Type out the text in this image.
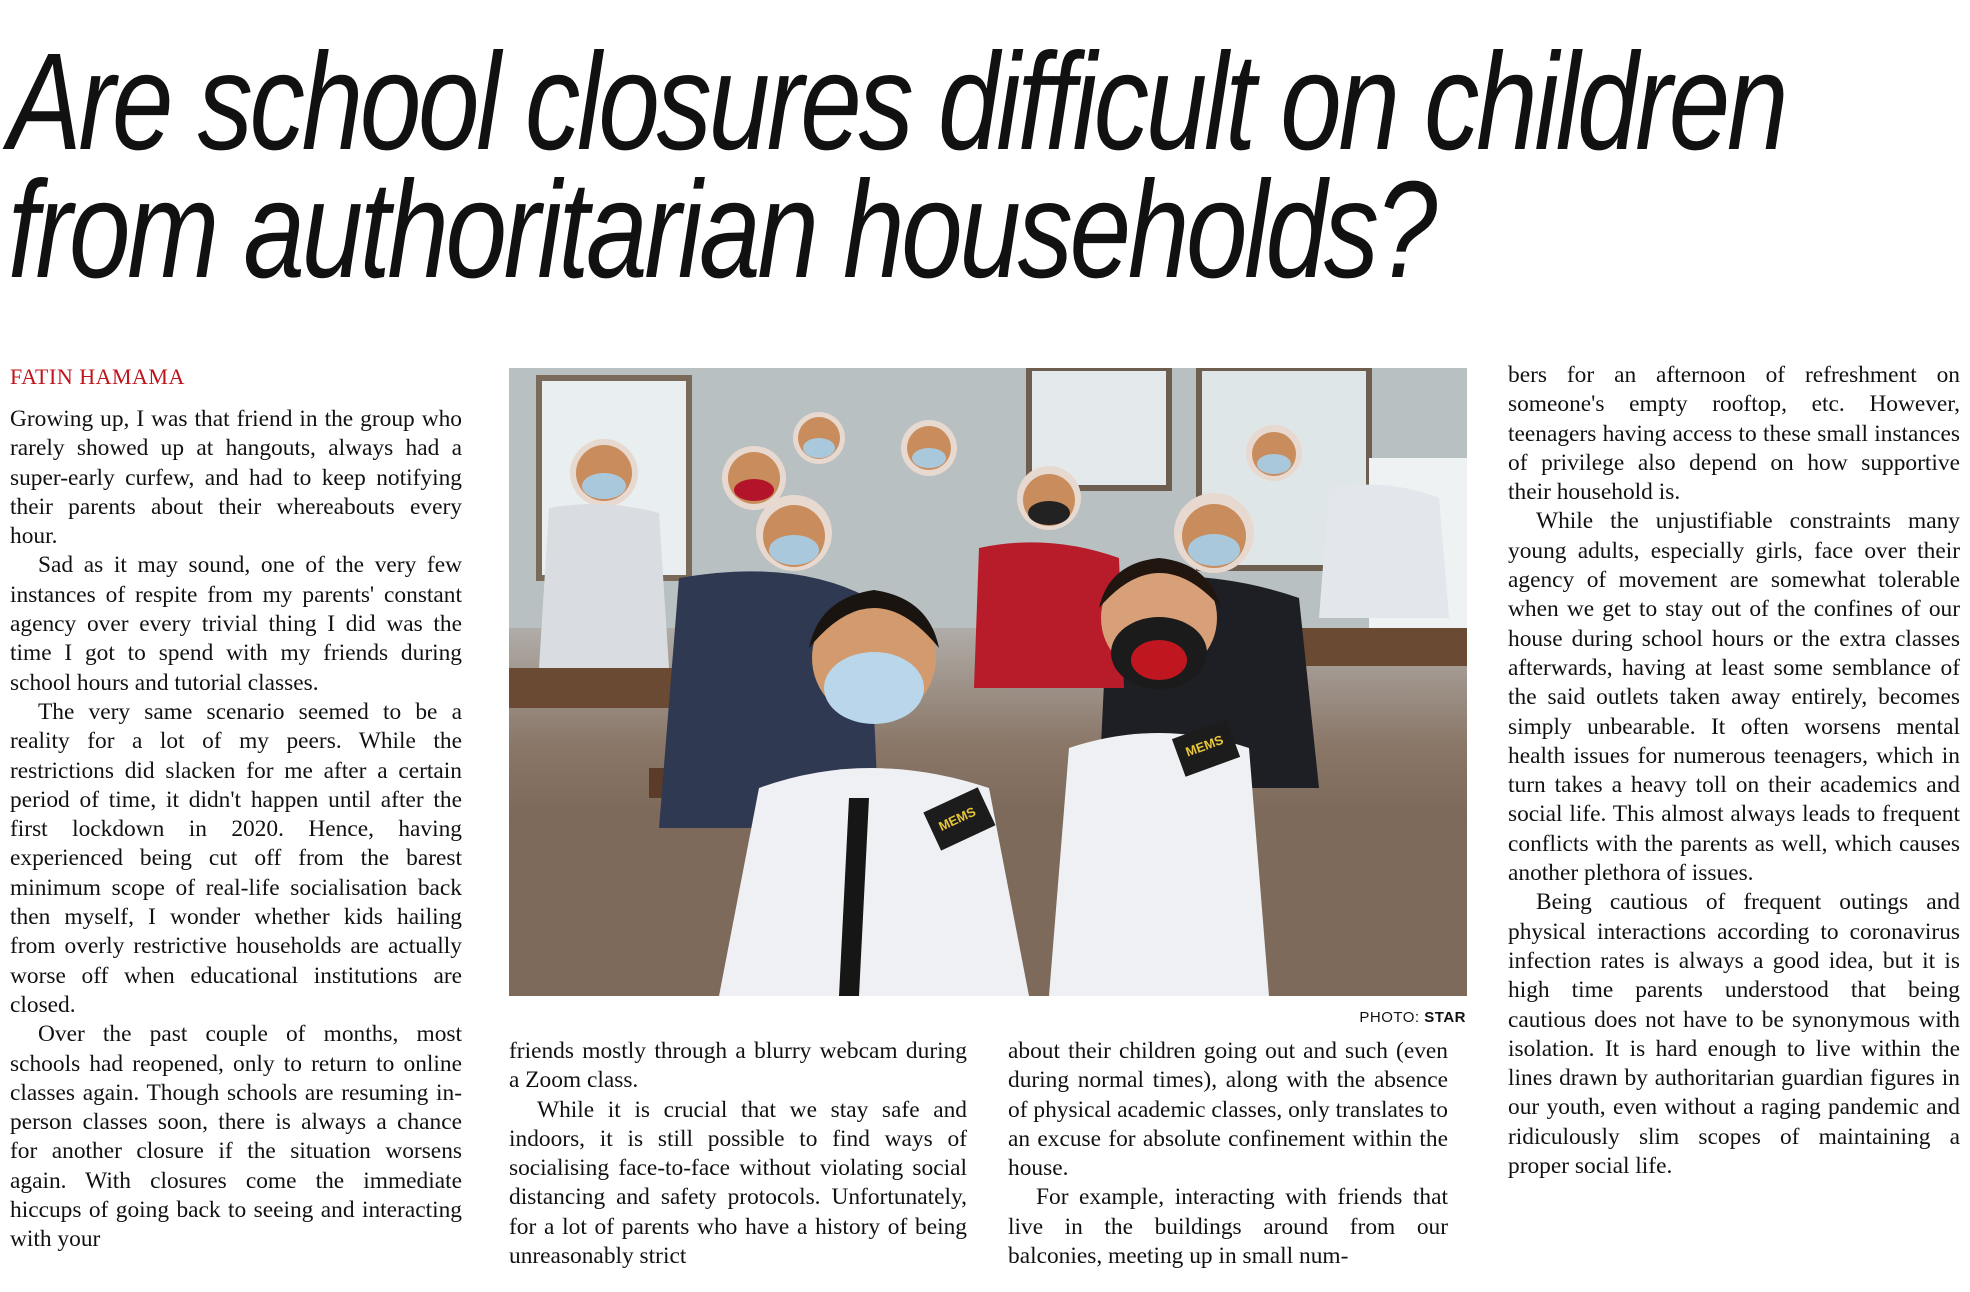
Are school closures difficult on children
from authoritarian households?
FATIN HAMAMA

Growing up, I was that friend in the group who rarely showed up at hangouts, always had a super-early curfew, and had to keep notifying their parents about their whereabouts every hour.

Sad as it may sound, one of the very few instances of respite from my parents' constant agency over every trivial thing I did was the time I got to spend with my friends during school hours and tutorial classes.

The very same scenario seemed to be a reality for a lot of my peers. While the restrictions did slacken for me after a certain period of time, it didn't happen until after the first lockdown in 2020. Hence, having experienced being cut off from the barest minimum scope of real-life socialisation back then myself, I wonder whether kids hailing from overly restrictive households are actually worse off when educational institutions are closed.

Over the past couple of months, most schools had reopened, only to return to online classes again. Though schools are resuming in-person classes soon, there is always a chance for another closure if the situation worsens again. With closures come the immediate hiccups of going back to seeing and interacting with your

MEMS
MEMS
PHOTO: STAR

friends mostly through a blurry webcam during a Zoom class.

While it is crucial that we stay safe and indoors, it is still possible to find ways of socialising face-to-face without violating social distancing and safety protocols. Unfortunately, for a lot of parents who have a history of being unreasonably strict

about their children going out and such (even during normal times), along with the absence of physical academic classes, only translates to an excuse for absolute confinement within the house.

For example, interacting with friends that live in the buildings around from our balconies, meeting up in small num-

bers for an afternoon of refreshment on someone's empty rooftop, etc. However, teenagers having access to these small instances of privilege also depend on how supportive their household is.

While the unjustifiable constraints many young adults, especially girls, face over their agency of movement are somewhat tolerable when we get to stay out of the confines of our house during school hours or the extra classes afterwards, having at least some semblance of the said outlets taken away entirely, becomes simply unbearable. It often worsens mental health issues for numerous teenagers, which in turn takes a heavy toll on their academics and social life. This almost always leads to frequent conflicts with the parents as well, which causes another plethora of issues.

Being cautious of frequent outings and physical interactions according to coronavirus infection rates is always a good idea, but it is high time parents understood that being cautious does not have to be synonymous with isolation. It is hard enough to live within the lines drawn by authoritarian guardian figures in our youth, even without a raging pandemic and ridiculously slim scopes of maintaining a proper social life.
